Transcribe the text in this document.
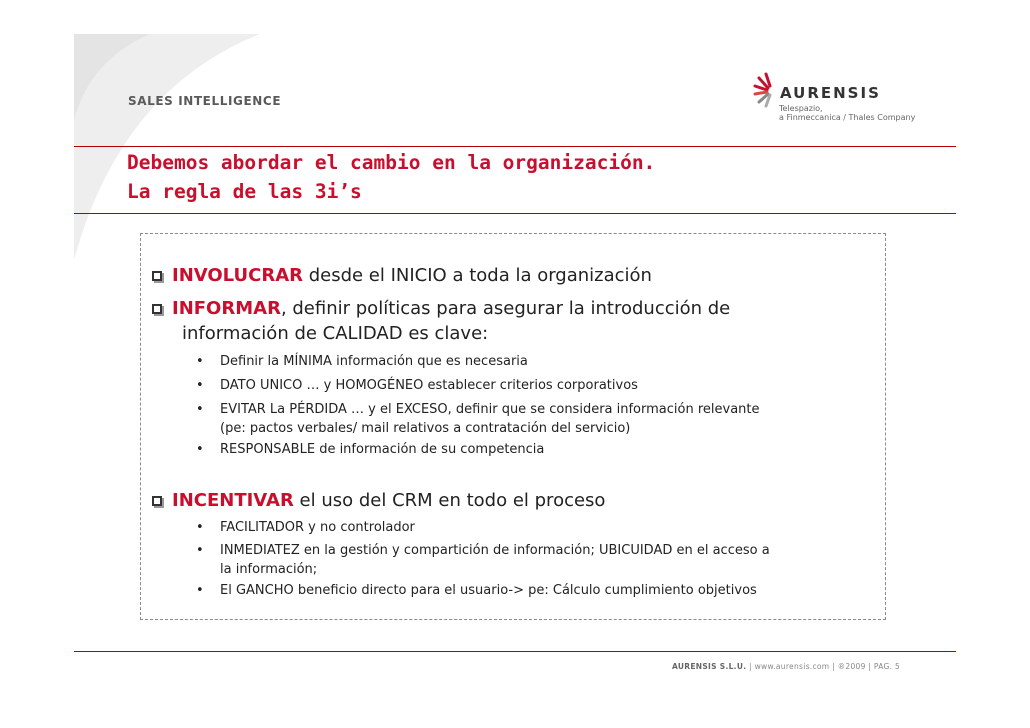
SALES INTELLIGENCE	AURENSIS
Telespazio,
a Finmeccanica / Thales Company
Debemos abordar el cambio en la organización.
La regla de las 3i’s
INVOLUCRAR desde el INICIO a toda la organización
INFORMAR, definir políticas para asegurar la introducción de
información de CALIDAD es clave:
• Definir la MÍNIMA información que es necesaria
• DATO UNICO … y HOMOGÉNEO establecer criterios corporativos
• EVITAR La PÉRDIDA … y el EXCESO, definir que se considera información relevante
(pe: pactos verbales/ mail relativos a contratación del servicio)
• RESPONSABLE de información de su competencia
INCENTIVAR el uso del CRM en todo el proceso
• FACILITADOR y no controlador
• INMEDIATEZ en la gestión y compartición de información; UBICUIDAD en el acceso a
la información;
• El GANCHO beneficio directo para el usuario-> pe: Cálculo cumplimiento objetivos
AURENSIS S.L.U. | www.aurensis.com | ®2009 | PAG. 5
